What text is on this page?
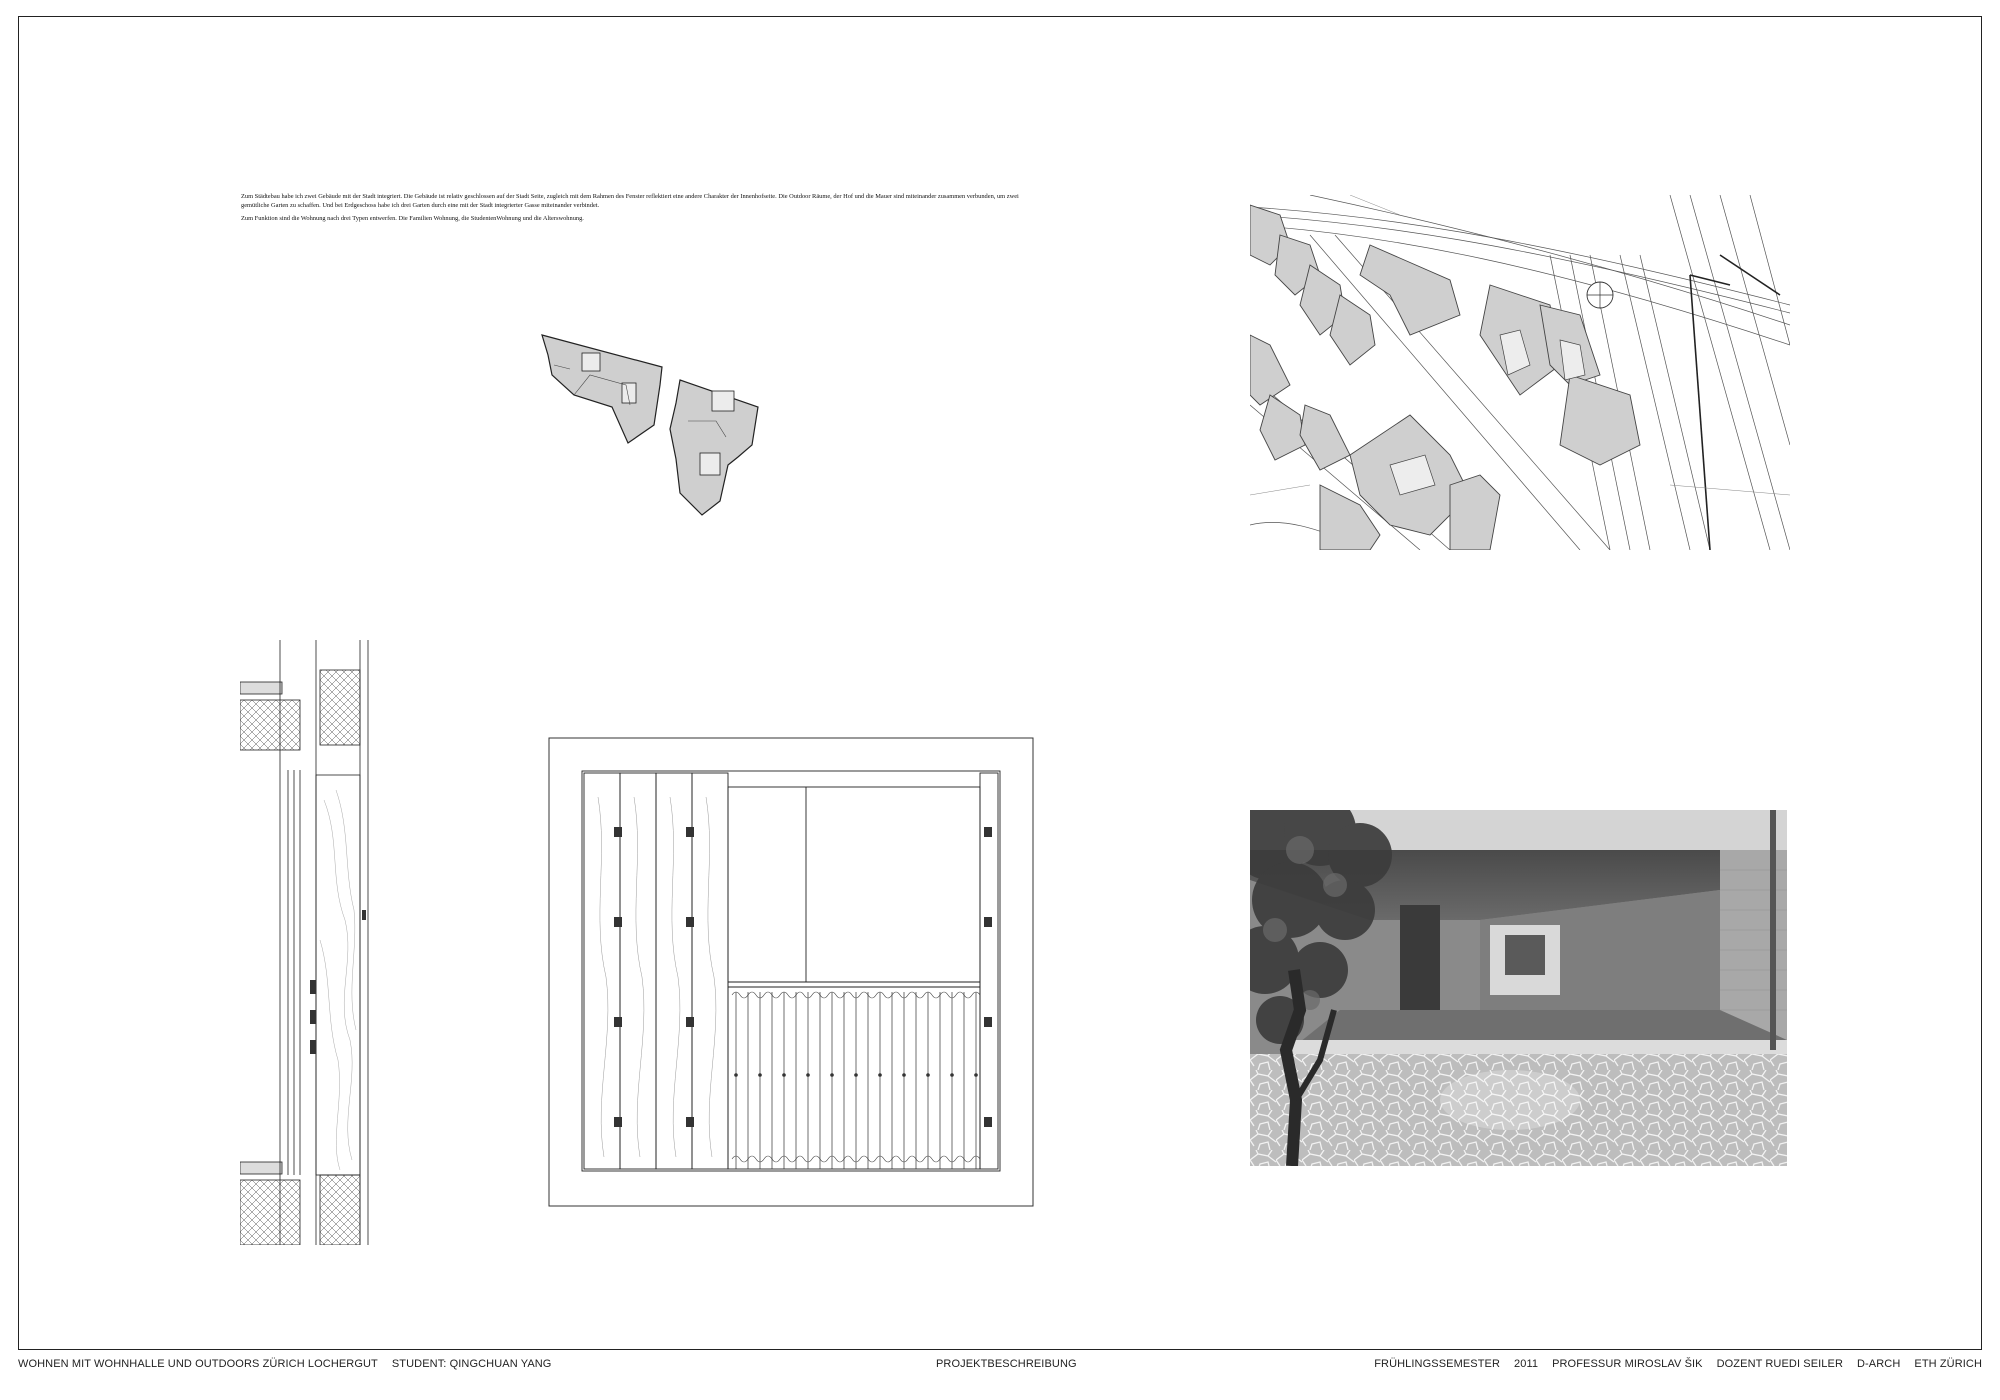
Zum Städtebau habe ich zwei Gebäude mit der Stadt integriert. Die Gebäude ist relativ geschlossen auf der Stadt Seite, zugleich mit dem Rahmen des Fenster reflektiert eine andere Charakter der Innenhofseite. Die Outdoor Räume, der Hof und die Mauer sind miteinander zusammen verbunden, um zwei gemütliche Garten zu schaffen. Und bei Erdgeschoss habe ich drei Garten durch eine mit der Stadt integrierter Gasse miteinander verbindet.

Zum Funktion sind die Wohnung nach drei Typen entwerfen. Die Familien Wohnung, die StudentenWohnung und die Alterswohnung.

WOHNEN MIT WOHNHALLE UND OUTDOORS ZÜRICH LOCHERGUT STUDENT: QINGCHUAN YANG	PROJEKTBESCHREIBUNG	FRÜHLINGSSEMESTER 2011 PROFESSUR MIROSLAV ŠIK DOZENT RUEDI SEILER D-ARCH ETH ZÜRICH
